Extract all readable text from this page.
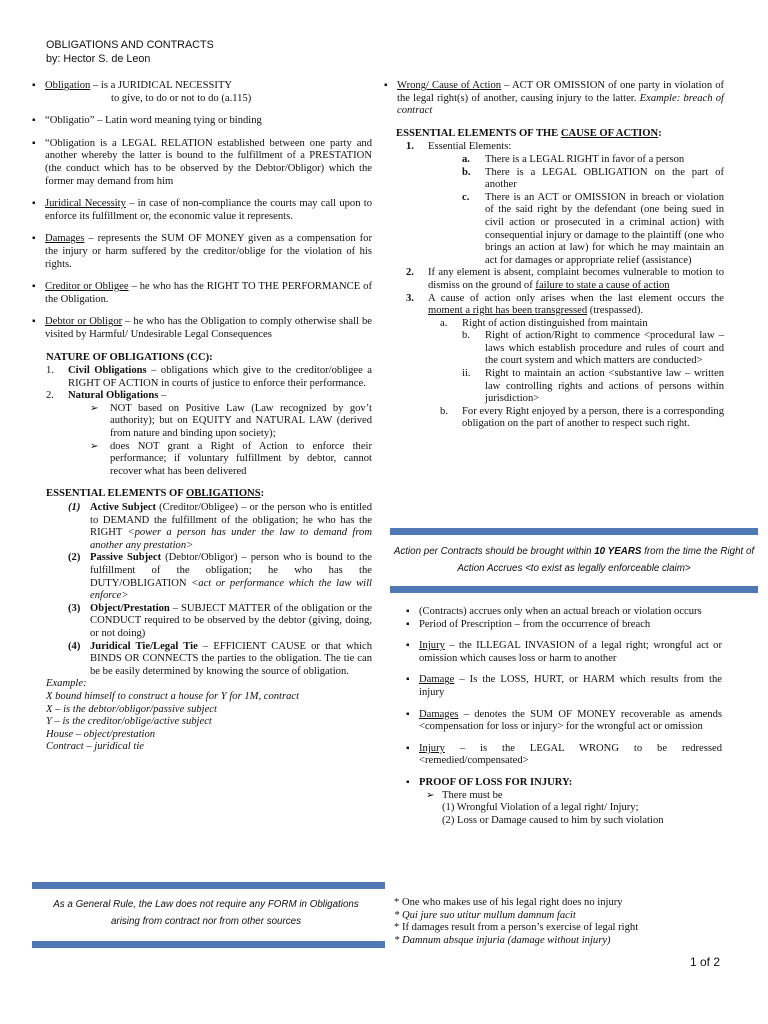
OBLIGATIONS AND CONTRACTS
by: Hector S. de Leon
▪ Obligation – is a JURIDICAL NECESSITY
to give, to do or not to do (a.115)
▪ “Obligatio” – Latin word meaning tying or binding
▪ “Obligation is a LEGAL RELATION established between one party and another whereby the latter is bound to the fulfillment of a PRESTATION (the conduct which has to be observed by the Debtor/Obligor) which the former may demand from him
▪ Juridical Necessity – in case of non-compliance the courts may call upon to enforce its fulfillment or, the economic value it represents.
▪ Damages – represents the SUM OF MONEY given as a compensation for the injury or harm suffered by the creditor/oblige for the violation of his rights.
▪ Creditor or Obligee – he who has the RIGHT TO THE PERFORMANCE of the Obligation.
▪ Debtor or Obligor – he who has the Obligation to comply otherwise shall be visited by Harmful/ Undesirable Legal Consequences
NATURE OF OBLIGATIONS (CC):
1.	Civil Obligations – obligations which give to the creditor/obligee a RIGHT OF ACTION in courts of justice to enforce their performance.
2.	Natural Obligations –
➢	NOT based on Positive Law (Law recognized by gov’t authority); but on EQUITY and NATURAL LAW (derived from nature and binding upon society);
➢	does NOT grant a Right of Action to enforce their performance; if voluntary fulfillment by debtor, cannot recover what has been delivered
ESSENTIAL ELEMENTS OF OBLIGATIONS:
(1) Active Subject (Creditor/Obligee) – or the person who is entitled to DEMAND the fulfillment of the obligation; he who has the RIGHT <power a person has under the law to demand from another any prestation>
(2) Passive Subject (Debtor/Obligor) – person who is bound to the fulfillment of the obligation; he who has the DUTY/OBLIGATION <act or performance which the law will enforce>
(3) Object/Prestation – SUBJECT MATTER of the obligation or the CONDUCT required to be observed by the debtor (giving, doing, or not doing)
(4) Juridical Tie/Legal Tie – EFFICIENT CAUSE or that which BINDS OR CONNECTS the parties to the obligation. The tie can be be easily determined by knowing the source of obligation.
Example:
X bound himself to construct a house for Y for 1M, contract
X – is the debtor/obligor/passive subject
Y – is the creditor/oblige/active subject
House – object/prestation
Contract – juridical tie
As a General Rule, the Law does not require any FORM in Obligations arising from contract nor from other sources
▪ Wrong/ Cause of Action – ACT OR OMISSION of one party in violation of the legal right(s) of another, causing injury to the latter. Example: breach of contract
ESSENTIAL ELEMENTS OF THE CAUSE OF ACTION:
1.	Essential Elements:
a.	There is a LEGAL RIGHT in favor of a person
b.	There is a LEGAL OBLIGATION on the part of another
c.	There is an ACT or OMISSION in breach or violation of the said right by the defendant (one being sued in civil action or prosecuted in a criminal action) with consequential injury or damage to the plaintiff (one who brings an action at law) for which he may maintain an act for damages or appropriate relief (assistance)
2.	If any element is absent, complaint becomes vulnerable to motion to dismiss on the ground of failure to state a cause of action
3.	A cause of action only arises when the last element occurs the moment a right has been transgressed (trespassed).
a.	Right of action distinguished from maintain
b.	Right of action/Right to commence <procedural law – laws which establish procedure and rules of court and the court system and which matters are conducted>
ii.	Right to maintain an action <substantive law – written law controlling rights and actions of persons within jurisdiction>
b.	For every Right enjoyed by a person, there is a corresponding obligation on the part of another to respect such right.
Action per Contracts should be brought within 10 YEARS from the time the Right of Action Accrues <to exist as legally enforceable claim>
▪ (Contracts) accrues only when an actual breach or violation occurs
▪ Period of Prescription – from the occurrence of breach
▪ Injury – the ILLEGAL INVASION of a legal right; wrongful act or omission which causes loss or harm to another
▪ Damage – Is the LOSS, HURT, or HARM which results from the injury
▪ Damages – denotes the SUM OF MONEY recoverable as amends <compensation for loss or injury> for the wrongful act or omission
▪ Injury – is the LEGAL WRONG to be redressed <remedied/compensated>
▪ PROOF OF LOSS FOR INJURY:
➢ There must be
(1) Wrongful Violation of a legal right/ Injury;
(2) Loss or Damage caused to him by such violation
* One who makes use of his legal right does no injury
* Qui jure suo utitur mullum damnum facit
* If damages result from a person’s exercise of legal right
* Damnum absque injuria (damage without injury)
1 of 2
